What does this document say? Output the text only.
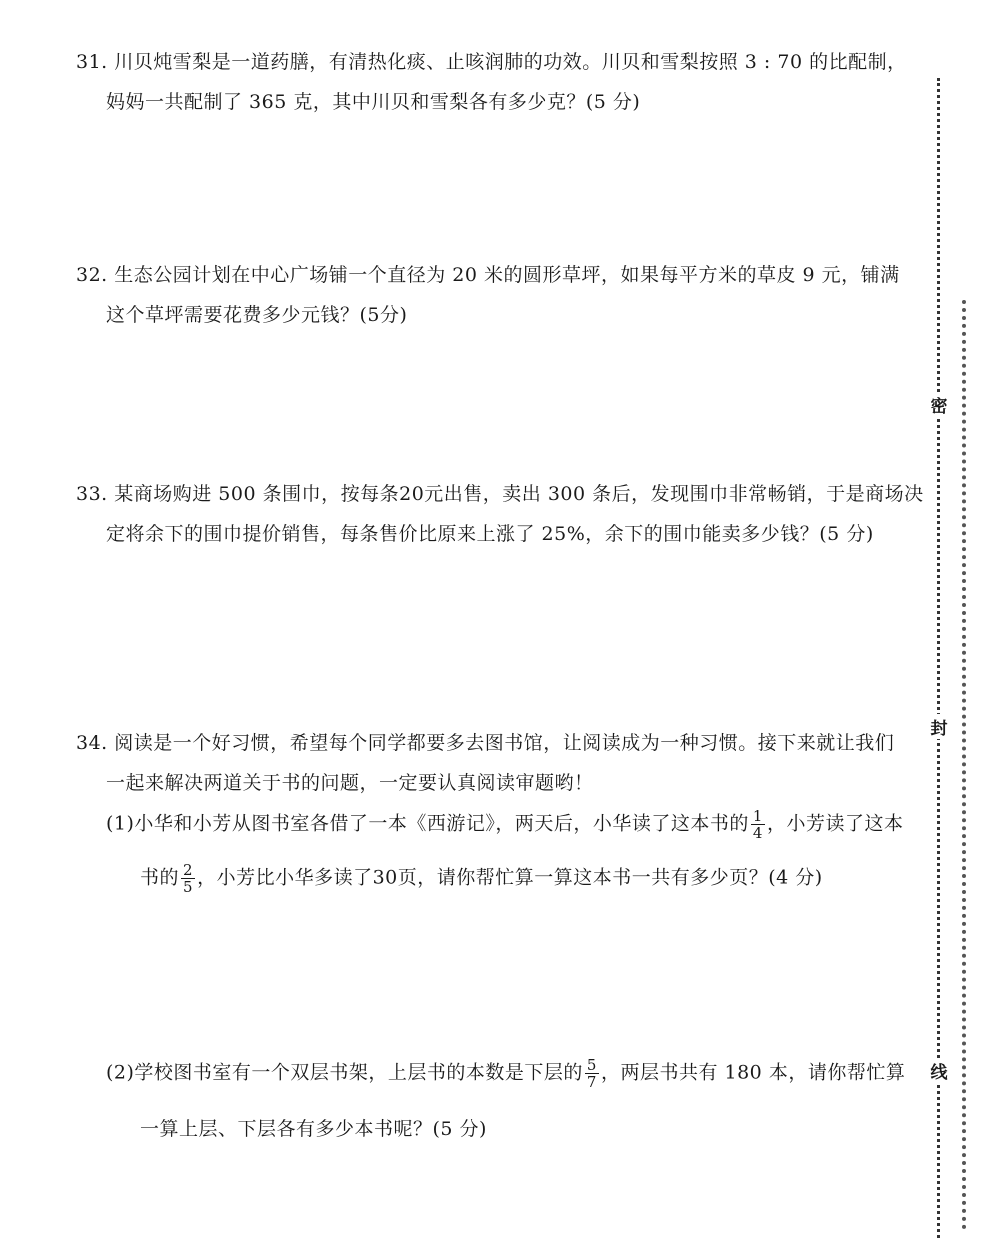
31. 川贝炖雪梨是一道药膳，有清热化痰、止咳润肺的功效。川贝和雪梨按照 3 : 70 的比配制，
妈妈一共配制了 365 克，其中川贝和雪梨各有多少克？(5 分)
32. 生态公园计划在中心广场铺一个直径为 20 米的圆形草坪，如果每平方米的草皮 9 元，铺满
这个草坪需要花费多少元钱？(5分)
33. 某商场购进 500 条围巾，按每条20元出售，卖出 300 条后，发现围巾非常畅销，于是商场决
定将余下的围巾提价销售，每条售价比原来上涨了 25%，余下的围巾能卖多少钱？(5 分)
34. 阅读是一个好习惯，希望每个同学都要多去图书馆，让阅读成为一种习惯。接下来就让我们
一起来解决两道关于书的问题，一定要认真阅读审题哟！
(1)小华和小芳从图书室各借了一本《西游记》，两天后，小华读了这本书的 $\frac{1}{4}$ ，小芳读了这本
书的 $\frac{2}{5}$ ，小芳比小华多读了30页，请你帮忙算一算这本书一共有多少页？(4 分)
(2)学校图书室有一个双层书架，上层书的本数是下层的 $\frac{5}{7}$ ，两层书共有 180 本，请你帮忙算
一算上层、下层各有多少本书呢？(5 分)
密
封
线
